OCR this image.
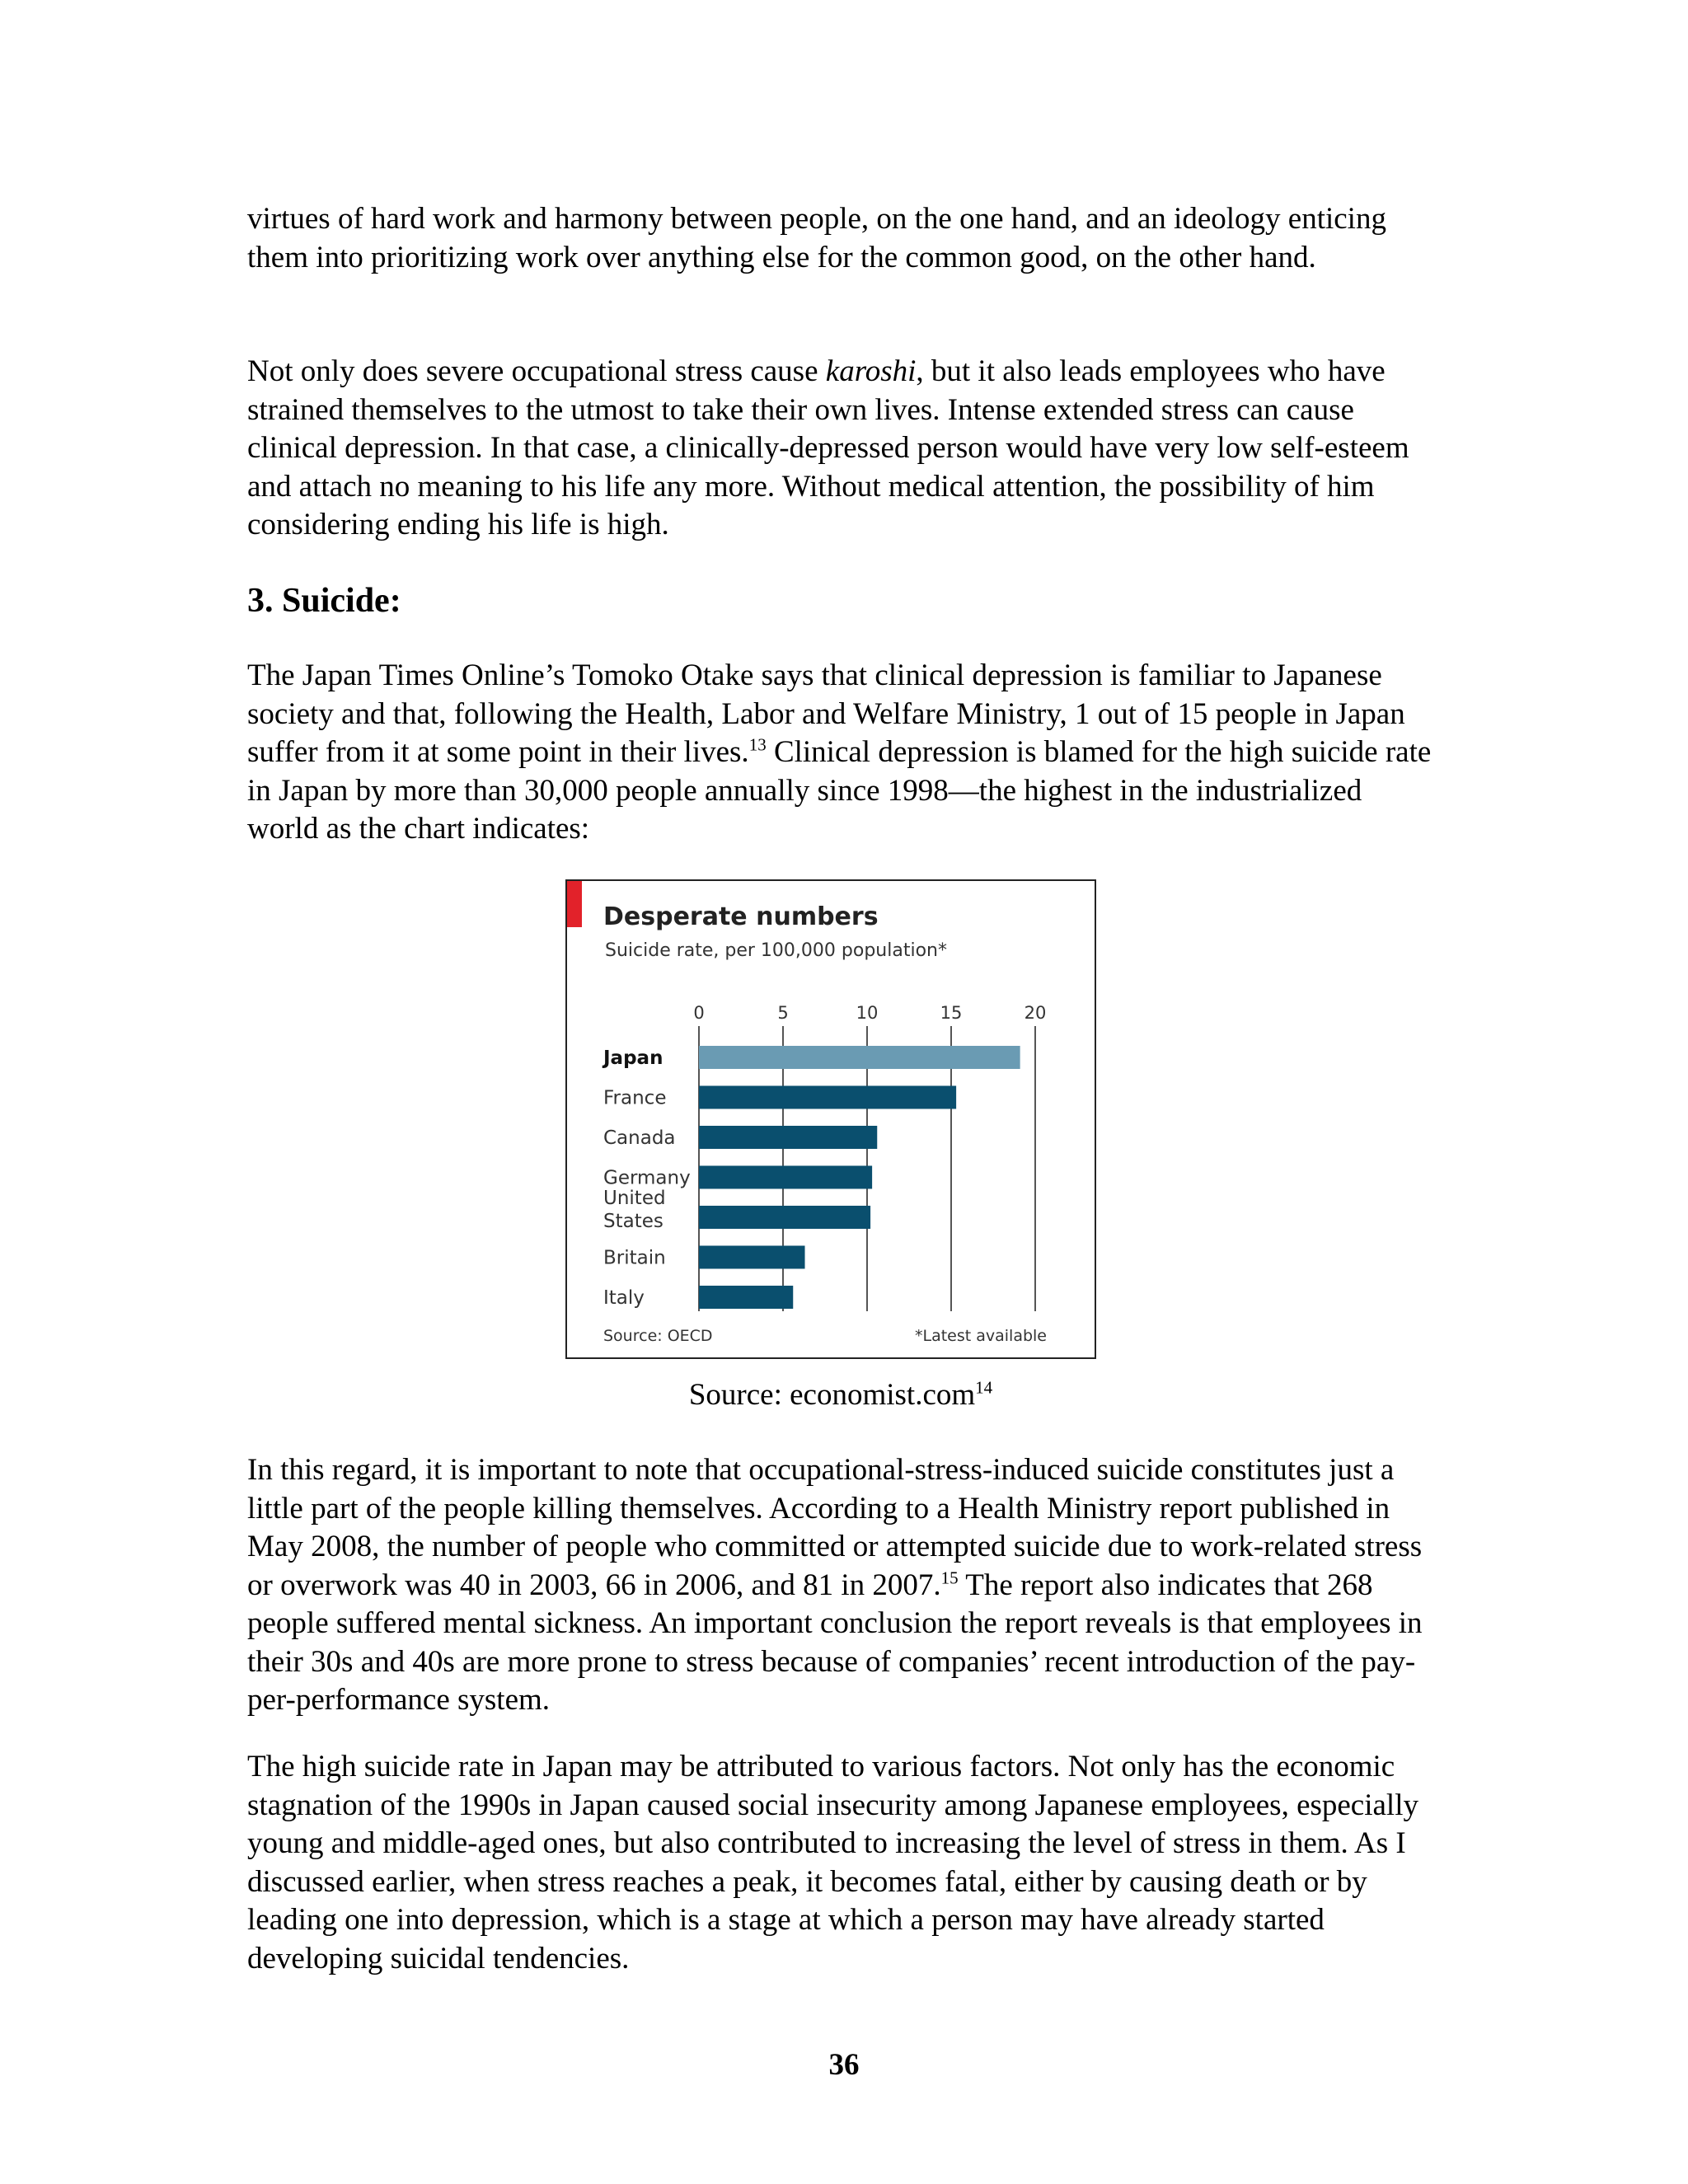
virtues of hard work and harmony between people, on the one hand, and an ideology enticing them into prioritizing work over anything else for the common good, on the other hand.

Not only does severe occupational stress cause karoshi, but it also leads employees who have strained themselves to the utmost to take their own lives. Intense extended stress can cause clinical depression. In that case, a clinically-depressed person would have very low self-esteem and attach no meaning to his life any more. Without medical attention, the possibility of him considering ending his life is high.

3. Suicide:

The Japan Times Online’s Tomoko Otake says that clinical depression is familiar to Japanese society and that, following the Health, Labor and Welfare Ministry, 1 out of 15 people in Japan suffer from it at some point in their lives.$^{13}$ Clinical depression is blamed for the high suicide rate in Japan by more than 30,000 people annually since 1998—the highest in the industrialized world as the chart indicates:

Desperate numbers
Suicide rate, per 100,000 population*
0	5	10	15	20
Japan
France
Canada
Germany
United States
Britain
Italy
Source: OECD	*Latest available
Source: economist.com$^{14}$

In this regard, it is important to note that occupational-stress-induced suicide constitutes just a little part of the people killing themselves. According to a Health Ministry report published in May 2008, the number of people who committed or attempted suicide due to work-related stress or overwork was 40 in 2003, 66 in 2006, and 81 in 2007.15 The report also indicates that 268 people suffered mental sickness. An important conclusion the report reveals is that employees in their 30s and 40s are more prone to stress because of companies’ recent introduction of the pay-per-performance system.

The high suicide rate in Japan may be attributed to various factors. Not only has the economic stagnation of the 1990s in Japan caused social insecurity among Japanese employees, especially young and middle-aged ones, but also contributed to increasing the level of stress in them. As I discussed earlier, when stress reaches a peak, it becomes fatal, either by causing death or by leading one into depression, which is a stage at which a person may have already started developing suicidal tendencies.

36
